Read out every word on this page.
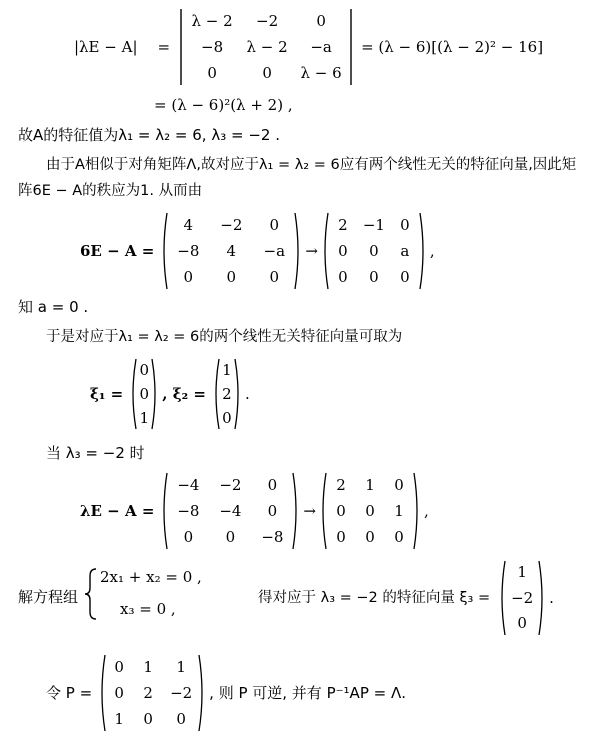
|λE − A| =
λ − 2	−2	0
−8	λ − 2	−a
0	0	λ − 6
= (λ − 6)[(λ − 2)² − 16]
= (λ − 6)²(λ + 2) ,
故A的特征值为λ₁ = λ₂ = 6, λ₃ = −2 .
由于A相似于对角矩阵Λ,故对应于λ₁ = λ₂ = 6应有两个线性无关的特征向量,因此矩
阵6E − A的秩应为1. 从而由
6E − A =
4	−2	0
−8	4	−a
0	0	0
→
2	−1	0
0	0	a
0	0	0
,
知 a = 0 .
于是对应于λ₁ = λ₂ = 6的两个线性无关特征向量可取为
ξ₁ =
0
0
1
, ξ₂ =
1
2
0
.
当 λ₃ = −2 时
λE − A =
−4	−2	0
−8	−4	0
0	0	−8
→
2	1	0
0	0	1
0	0	0
,
解方程组
2x₁ + x₂ = 0 ,
x₃ = 0 ,
得对应于 λ₃ = −2 的特征向量 ξ₃ =
1
−2
0
.
令 P =
0	1	1
0	2	−2
1	0	0
, 则 P 可逆, 并有 P⁻¹AP = Λ.
